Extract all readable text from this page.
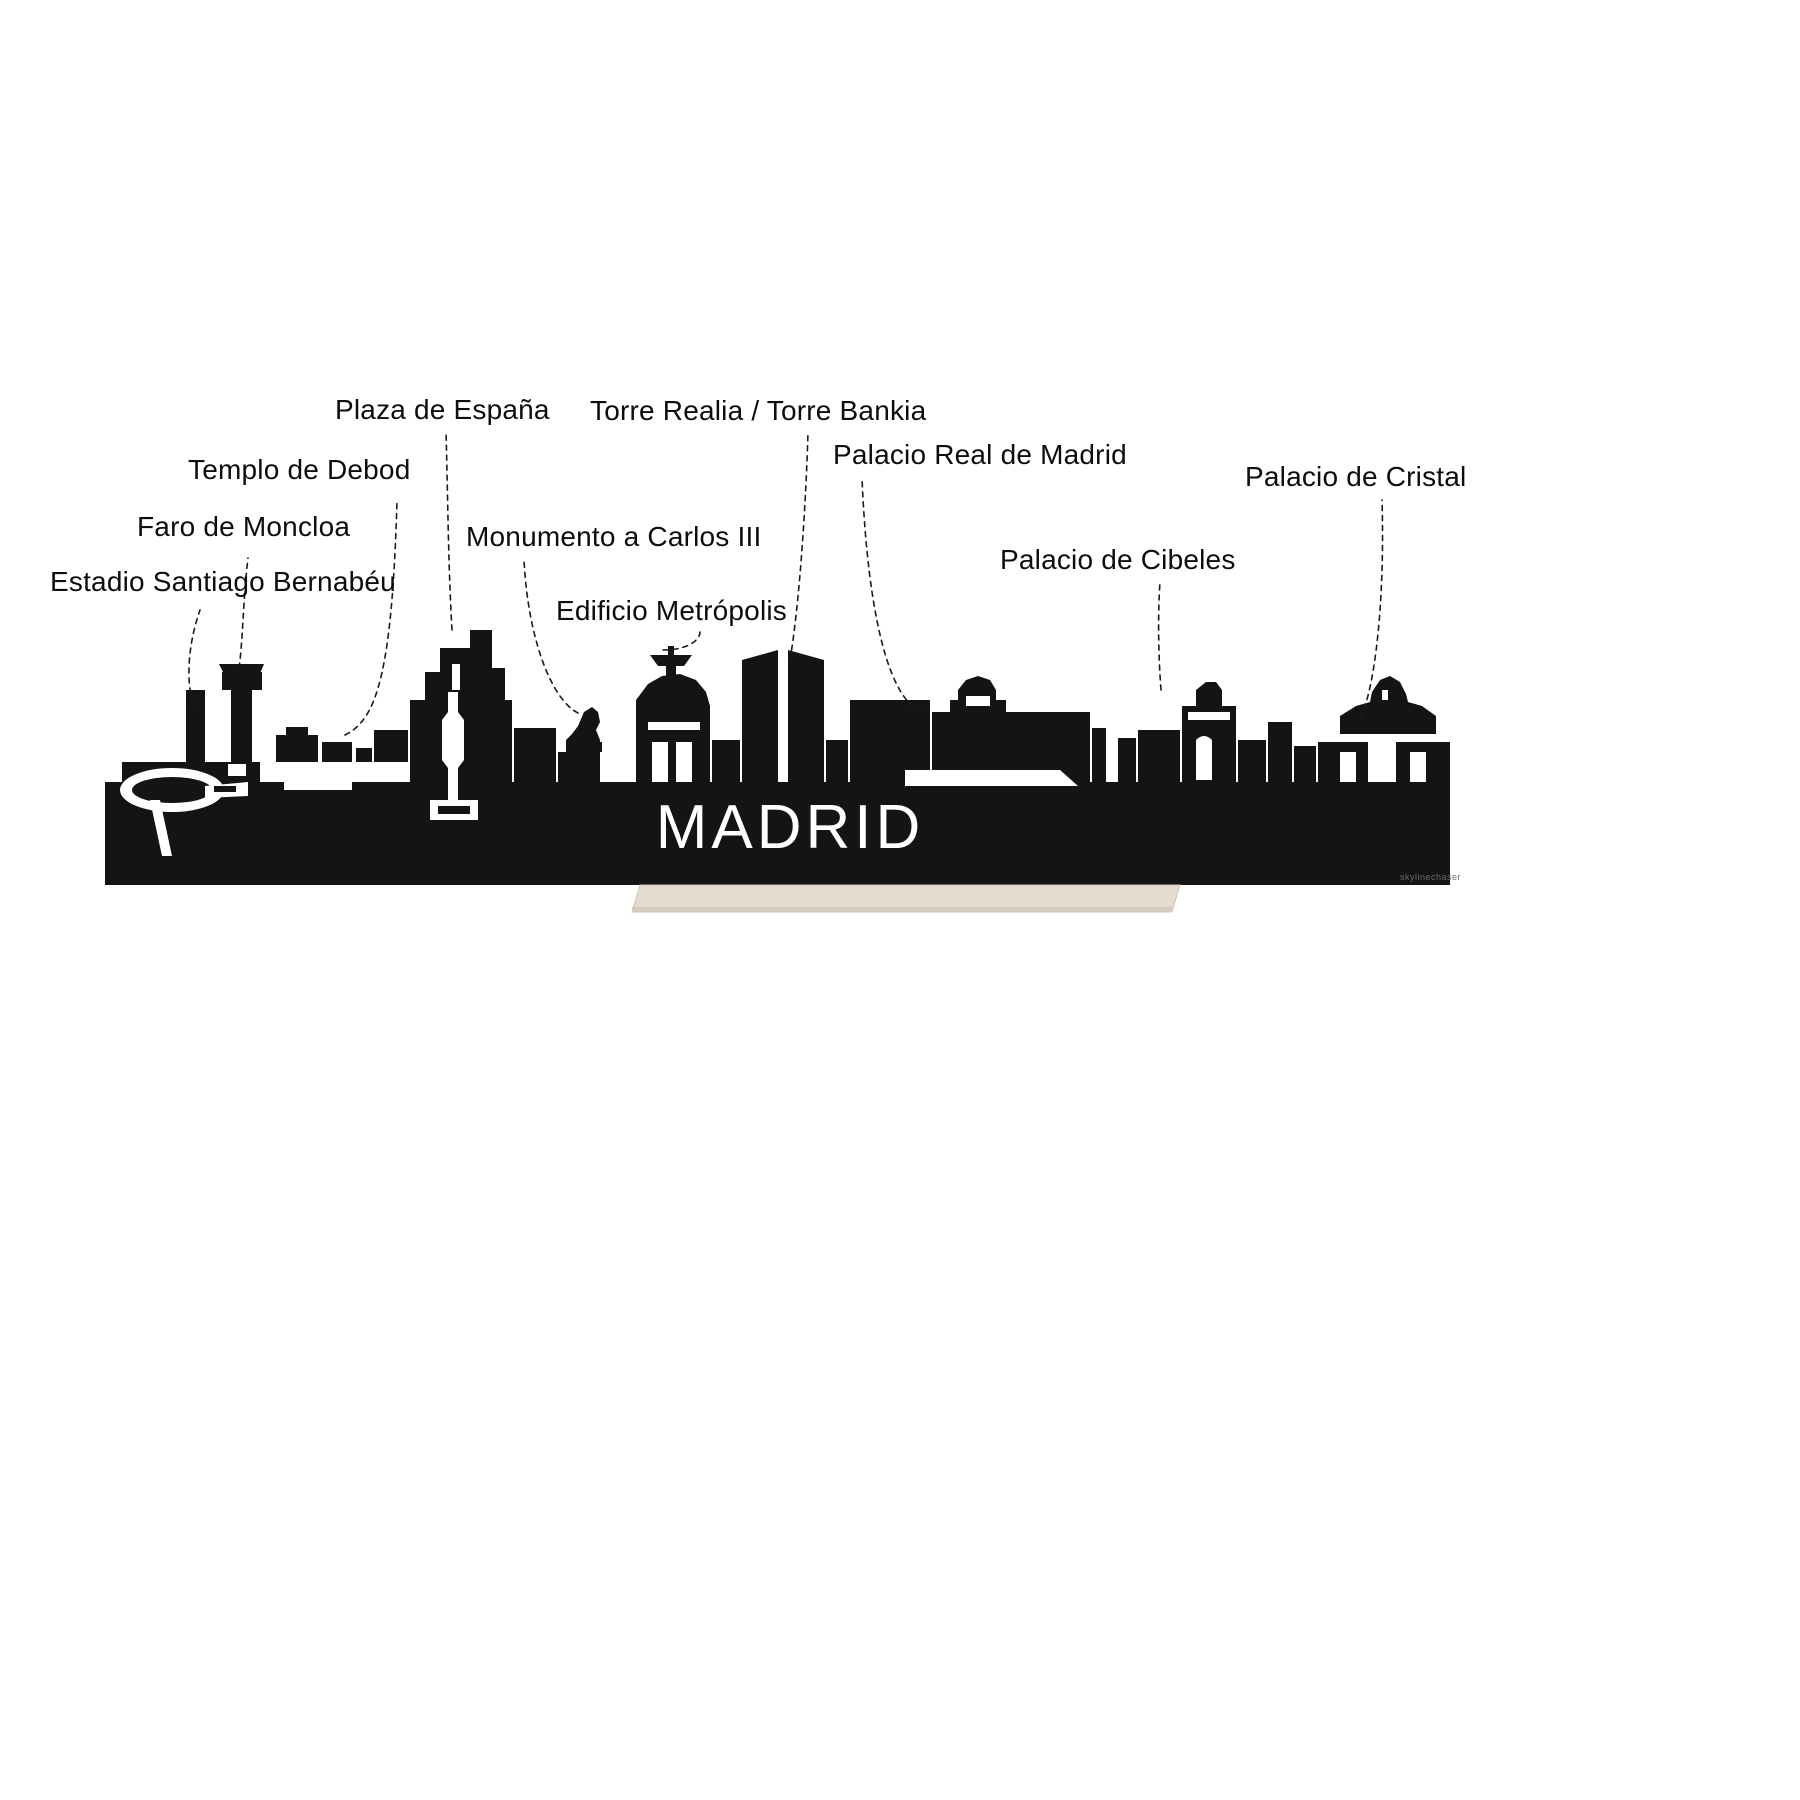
MADRID
Estadio Santiago Bernabéu
Faro de Moncloa
Templo de Debod
Plaza de España
Monumento a Carlos III
Edificio Metrópolis
Torre Realia / Torre Bankia
Palacio Real de Madrid
Palacio de Cibeles
Palacio de Cristal
skylinechaser
